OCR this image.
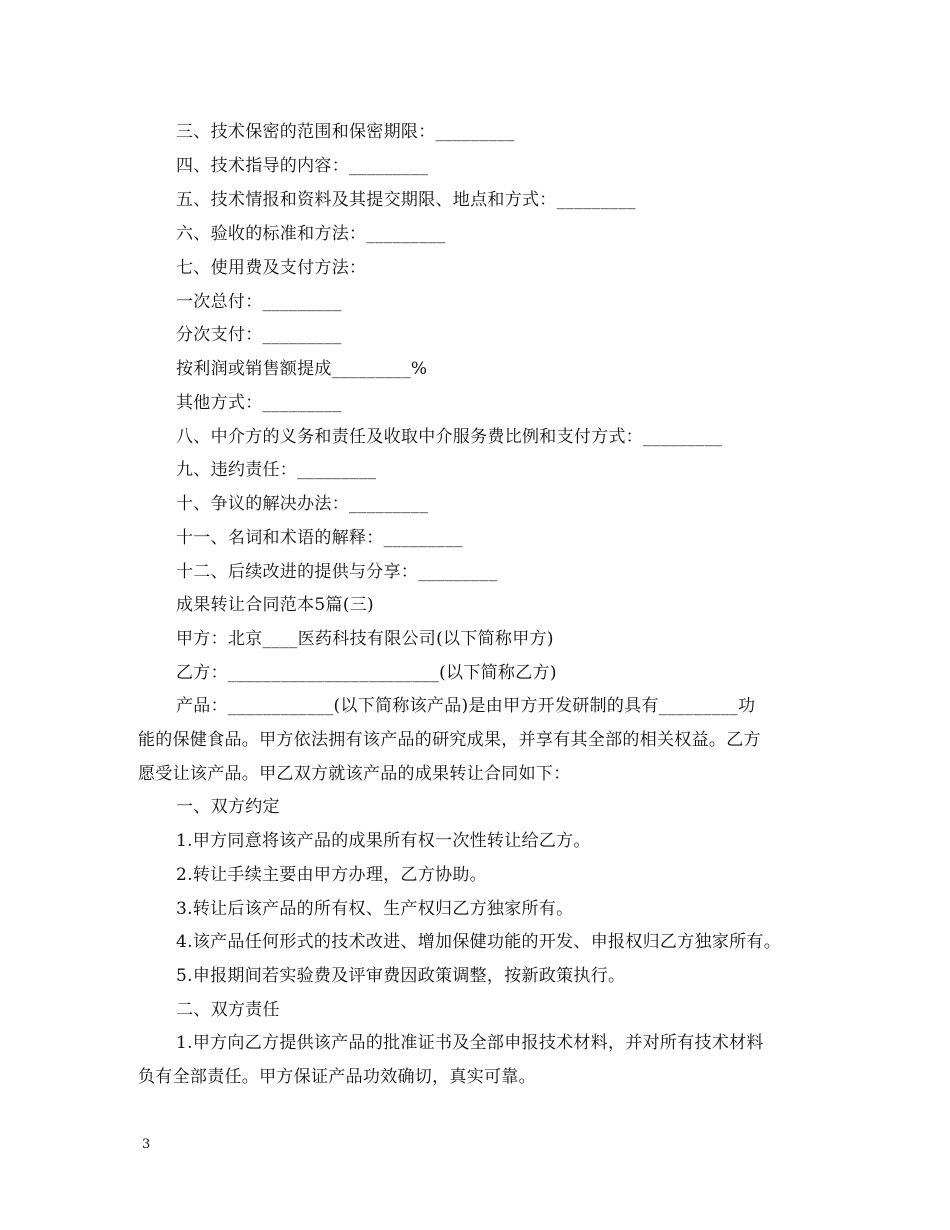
三、技术保密的范围和保密期限：_________
四、技术指导的内容：_________
五、技术情报和资料及其提交期限、地点和方式：_________
六、验收的标准和方法：_________
七、使用费及支付方法：
一次总付：_________
分次支付：_________
按利润或销售额提成_________%
其他方式：_________
八、中介方的义务和责任及收取中介服务费比例和支付方式：_________
九、违约责任：_________
十、争议的解决办法：_________
十一、名词和术语的解释：_________
十二、后续改进的提供与分享：_________
成果转让合同范本5篇(三)
甲方：北京____医药科技有限公司(以下简称甲方)
乙方：________________________(以下简称乙方)
产品：____________(以下简称该产品)是由甲方开发研制的具有_________功
能的保健食品。甲方依法拥有该产品的研究成果，并享有其全部的相关权益。乙方
愿受让该产品。甲乙双方就该产品的成果转让合同如下：
一、双方约定
1.甲方同意将该产品的成果所有权一次性转让给乙方。
2.转让手续主要由甲方办理，乙方协助。
3.转让后该产品的所有权、生产权归乙方独家所有。
4.该产品任何形式的技术改进、增加保健功能的开发、申报权归乙方独家所有。
5.申报期间若实验费及评审费因政策调整，按新政策执行。
二、双方责任
1.甲方向乙方提供该产品的批准证书及全部申报技术材料，并对所有技术材料
负有全部责任。甲方保证产品功效确切，真实可靠。
3
